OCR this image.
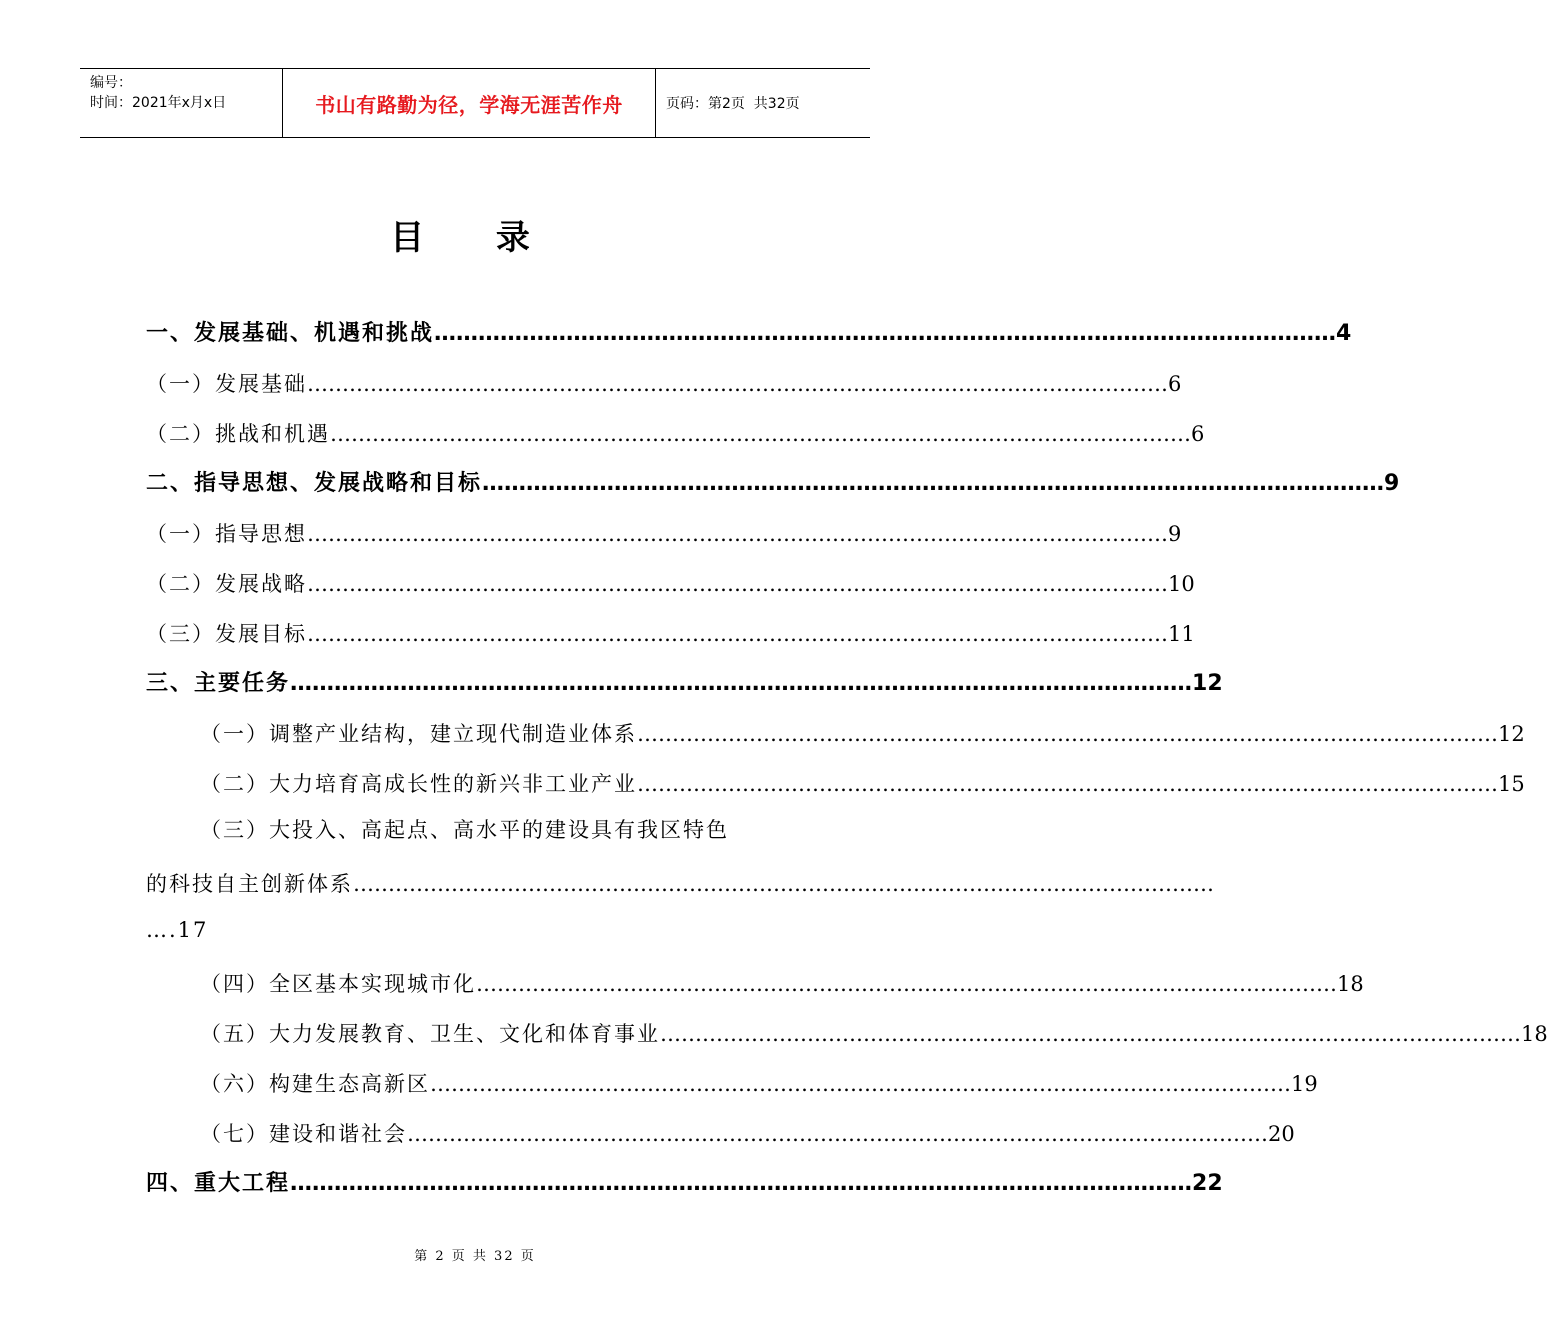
编号：
时间：2021年x月x日	书山有路勤为径，学海无涯苦作舟	页码：第2页  共32页
目 录
一、发展基础、机遇和挑战 …………………………………………………………………………………………………………… 4
（一）发展基础 …………………………………………………………………………………………………………… 6
（二）挑战和机遇 …………………………………………………………………………………………………………… 6
二、指导思想、发展战略和目标 …………………………………………………………………………………………………………… 9
（一）指导思想 …………………………………………………………………………………………………………… 9
（二）发展战略 …………………………………………………………………………………………………………… 10
（三）发展目标 …………………………………………………………………………………………………………… 11
三、主要任务 …………………………………………………………………………………………………………… 12
（一）调整产业结构，建立现代制造业体系 …………………………………………………………………………………………………………… 12
（二）大力培育高成长性的新兴非工业产业 …………………………………………………………………………………………………………… 15
（三）大投入、高起点、高水平的建设具有我区特色
的科技自主创新体系 ……………………………………………………………………………………………………………
….17
（四）全区基本实现城市化 …………………………………………………………………………………………………………… 18
（五）大力发展教育、卫生、文化和体育事业 …………………………………………………………………………………………………………… 18
（六）构建生态高新区 …………………………………………………………………………………………………………… 19
（七）建设和谐社会 …………………………………………………………………………………………………………… 20
四、重大工程 …………………………………………………………………………………………………………… 22
第 2 页 共 32 页
